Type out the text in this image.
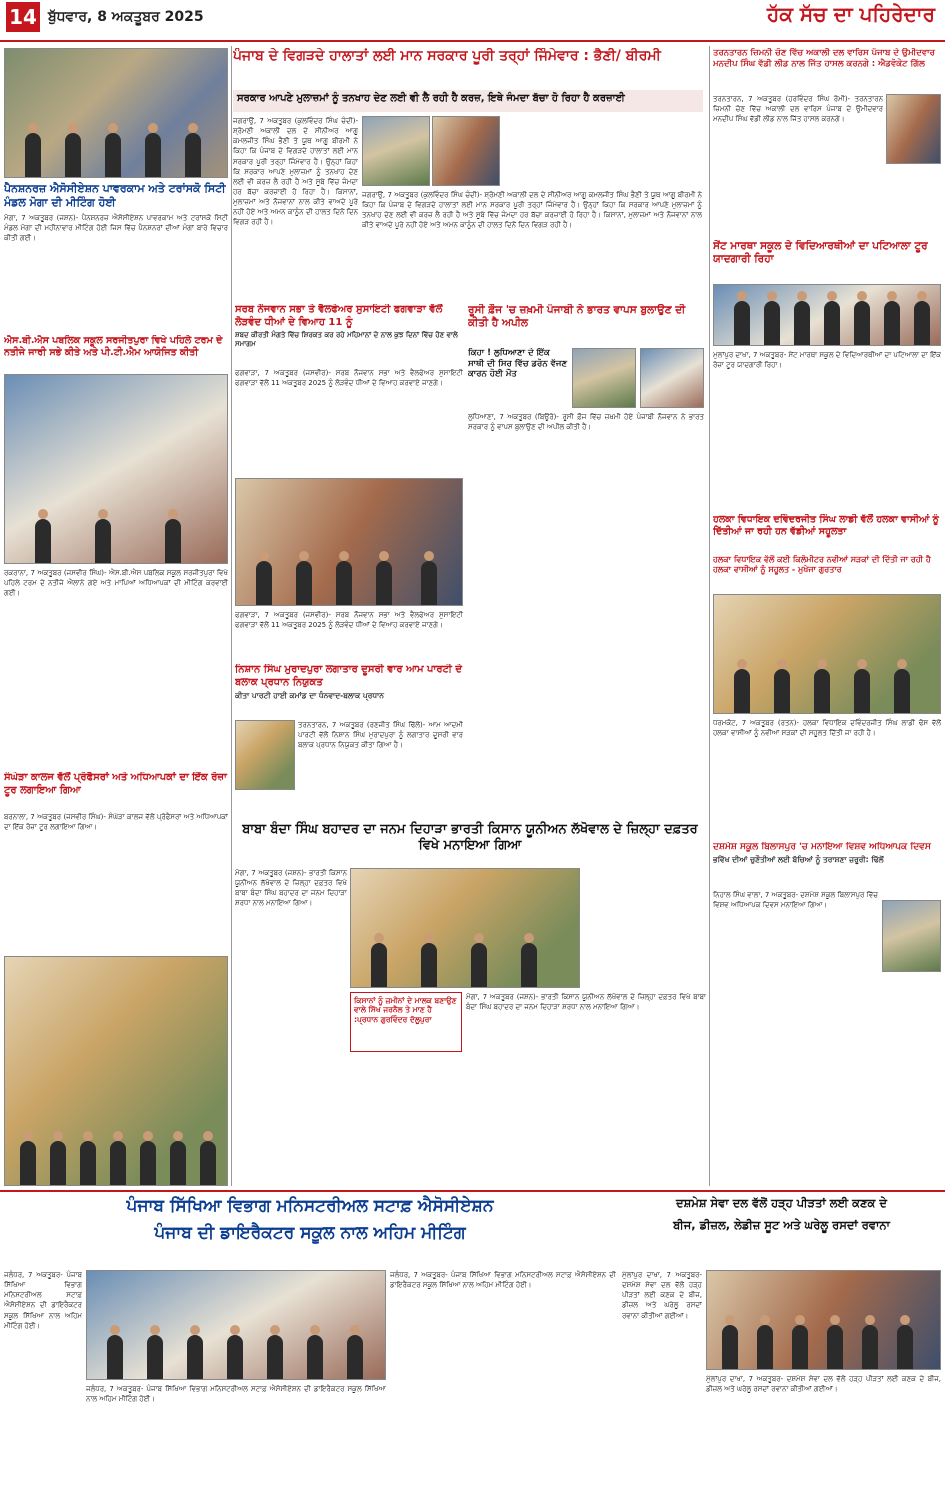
14 ਬੁੱਧਵਾਰ, 8 ਅਕਤੂਬਰ 2025	ਹੱਕ ਸੱਚ ਦਾ ਪਹਿਰੇਦਾਰ
ਪੰਜਾਬ ਦੇ ਵਿਗੜਦੇ ਹਾਲਾਤਾਂ ਲਈ ਮਾਨ ਸਰਕਾਰ ਪੂਰੀ ਤਰ੍ਹਾਂ ਜਿੰਮੇਵਾਰ : ਭੈਣੀ/ ਬੀਰਮੀ
ਸਰਕਾਰ ਆਪਣੇ ਮੁਲਾਜ਼ਮਾਂ ਨੂੰ ਤਨਖਾਹ ਦੇਣ ਲਈ ਵੀ ਲੈ ਰਹੀ ਹੈ ਕਰਜ਼, ਇਥੇ ਜੰਮਦਾ ਬੱਚਾ ਹੋ ਰਿਹਾ ਹੈ ਕਰਜ਼ਾਈ
ਜਗਰਾਉਂ, 7 ਅਕਤੂਬਰ (ਕੁਲਵਿੰਦਰ ਸਿੰਘ ਚੰਦੀ)- ਸ਼੍ਰੋਮਣੀ ਅਕਾਲੀ ਦਲ ਦੇ ਸੀਨੀਅਰ ਆਗੂ ਕਮਲਜੀਤ ਸਿੰਘ ਭੈਣੀ ਤੇ ਯੂਥ ਆਗੂ ਬੀਰਮੀ ਨੇ ਕਿਹਾ ਕਿ ਪੰਜਾਬ ਦੇ ਵਿਗੜਦੇ ਹਾਲਾਤਾਂ ਲਈ ਮਾਨ ਸਰਕਾਰ ਪੂਰੀ ਤਰ੍ਹਾਂ ਜਿੰਮੇਵਾਰ ਹੈ। ਉਨ੍ਹਾਂ ਕਿਹਾ ਕਿ ਸਰਕਾਰ ਆਪਣੇ ਮੁਲਾਜ਼ਮਾਂ ਨੂੰ ਤਨਖਾਹ ਦੇਣ ਲਈ ਵੀ ਕਰਜ਼ ਲੈ ਰਹੀ ਹੈ ਅਤੇ ਸੂਬੇ ਵਿੱਚ ਜੰਮਦਾ ਹਰ ਬੱਚਾ ਕਰਜ਼ਾਈ ਹੋ ਰਿਹਾ ਹੈ। ਕਿਸਾਨਾਂ, ਮੁਲਾਜ਼ਮਾਂ ਅਤੇ ਨੌਜਵਾਨਾਂ ਨਾਲ ਕੀਤੇ ਵਾਅਦੇ ਪੂਰੇ ਨਹੀਂ ਹੋਏ ਅਤੇ ਅਮਨ ਕਾਨੂੰਨ ਦੀ ਹਾਲਤ ਦਿਨੋਂ ਦਿਨ ਵਿਗੜ ਰਹੀ ਹੈ।
ਜਗਰਾਉਂ, 7 ਅਕਤੂਬਰ (ਕੁਲਵਿੰਦਰ ਸਿੰਘ ਚੰਦੀ)- ਸ਼੍ਰੋਮਣੀ ਅਕਾਲੀ ਦਲ ਦੇ ਸੀਨੀਅਰ ਆਗੂ ਕਮਲਜੀਤ ਸਿੰਘ ਭੈਣੀ ਤੇ ਯੂਥ ਆਗੂ ਬੀਰਮੀ ਨੇ ਕਿਹਾ ਕਿ ਪੰਜਾਬ ਦੇ ਵਿਗੜਦੇ ਹਾਲਾਤਾਂ ਲਈ ਮਾਨ ਸਰਕਾਰ ਪੂਰੀ ਤਰ੍ਹਾਂ ਜਿੰਮੇਵਾਰ ਹੈ। ਉਨ੍ਹਾਂ ਕਿਹਾ ਕਿ ਸਰਕਾਰ ਆਪਣੇ ਮੁਲਾਜ਼ਮਾਂ ਨੂੰ ਤਨਖਾਹ ਦੇਣ ਲਈ ਵੀ ਕਰਜ਼ ਲੈ ਰਹੀ ਹੈ ਅਤੇ ਸੂਬੇ ਵਿੱਚ ਜੰਮਦਾ ਹਰ ਬੱਚਾ ਕਰਜ਼ਾਈ ਹੋ ਰਿਹਾ ਹੈ। ਕਿਸਾਨਾਂ, ਮੁਲਾਜ਼ਮਾਂ ਅਤੇ ਨੌਜਵਾਨਾਂ ਨਾਲ ਕੀਤੇ ਵਾਅਦੇ ਪੂਰੇ ਨਹੀਂ ਹੋਏ ਅਤੇ ਅਮਨ ਕਾਨੂੰਨ ਦੀ ਹਾਲਤ ਦਿਨੋਂ ਦਿਨ ਵਿਗੜ ਰਹੀ ਹੈ।
ਪੈਨਸ਼ਨਰਜ਼ ਐਸੋਸੀਏਸ਼ਨ ਪਾਵਰਕਾਮ ਅਤੇ ਟਰਾਂਸਕੋ ਸਿਟੀ ਮੰਡਲ ਮੋਗਾ ਦੀ ਮੀਟਿੰਗ ਹੋਈ
ਮੋਗਾ, 7 ਅਕਤੂਬਰ (ਜਸ਼ਨ)- ਪੈਨਸ਼ਨਰਜ਼ ਐਸੋਸੀਏਸ਼ਨ ਪਾਵਰਕਾਮ ਅਤੇ ਟਰਾਂਸਕੋ ਸਿਟੀ ਮੰਡਲ ਮੋਗਾ ਦੀ ਮਹੀਨਾਵਾਰ ਮੀਟਿੰਗ ਹੋਈ ਜਿਸ ਵਿੱਚ ਪੈਨਸ਼ਨਰਾਂ ਦੀਆਂ ਮੰਗਾਂ ਬਾਰੇ ਵਿਚਾਰ ਕੀਤੀ ਗਈ।
ਐਸ.ਬੀ.ਐਸ ਪਬਲਿਕ ਸਕੂਲ ਸਰਜੀਤਪੁਰਾ ਵਿਖੇ ਪਹਿਲੇ ਟਰਮ ਦੇ ਨਤੀਜੇ ਜਾਰੀ ਸਭੇ ਕੀਤੇ ਅਤੇ ਪੀ.ਟੀ.ਐਮ ਆਯੋਜਿਤ ਕੀਤੀ
ਰਕਰਾਨਾ, 7 ਅਕਤੂਬਰ (ਜਸਵੀਰ ਸਿੰਘ)- ਐਸ.ਬੀ.ਐਸ ਪਬਲਿਕ ਸਕੂਲ ਸਰਜੀਤਪੁਰਾ ਵਿਖੇ ਪਹਿਲੇ ਟਰਮ ਦੇ ਨਤੀਜੇ ਐਲਾਨੇ ਗਏ ਅਤੇ ਮਾਪਿਆਂ ਅਧਿਆਪਕਾਂ ਦੀ ਮੀਟਿੰਗ ਕਰਵਾਈ ਗਈ।
ਸੰਘੇੜਾ ਕਾਲਜ ਵੱਲੋਂ ਪ੍ਰੋਫੈਸਰਾਂ ਅਤੇ ਅਧਿਆਪਕਾਂ ਦਾ ਇੱਕ ਰੋਜ਼ਾ ਟੂਰ ਲਗਾਇਆ ਗਿਆ
ਬਰਨਾਲਾ, 7 ਅਕਤੂਬਰ (ਜਸਵੀਰ ਸਿੰਘ)- ਸੰਘੇੜਾ ਕਾਲਜ ਵੱਲੋਂ ਪ੍ਰੋਫੈਸਰਾਂ ਅਤੇ ਅਧਿਆਪਕਾਂ ਦਾ ਇੱਕ ਰੋਜ਼ਾ ਟੂਰ ਲਗਾਇਆ ਗਿਆ।
ਸਰਬ ਨੌਜਵਾਨ ਸਭਾ ਤੇ ਵੈਲਫੇਅਰ ਸੁਸਾਇਟੀ ਫਗਵਾੜਾ ਵੱਲੋਂ ਲੋੜਵੰਦ ਧੀਆਂ ਦੇ ਵਿਆਹ 11 ਨੂੰ
ਸ਼ਬਦ ਕੀਰਤੀ ਮੰਗਤੇ ਵਿੱਚ ਸ਼ਿਰਕਤ ਕਰ ਰਹੇ ਮਹਿਮਾਨਾਂ ਦੇ ਨਾਲ ਕੁਝ ਦਿਨਾਂ ਵਿੱਚ ਹੋਣ ਵਾਲੇ ਸਮਾਗਮ
ਫਗਵਾੜਾ, 7 ਅਕਤੂਬਰ (ਜਸਵੀਰ)- ਸਰਬ ਨੌਜਵਾਨ ਸਭਾ ਅਤੇ ਵੈਲਫੇਅਰ ਸੁਸਾਇਟੀ ਫਗਵਾੜਾ ਵੱਲੋਂ 11 ਅਕਤੂਬਰ 2025 ਨੂੰ ਲੋੜਵੰਦ ਧੀਆਂ ਦੇ ਵਿਆਹ ਕਰਵਾਏ ਜਾਣਗੇ।
ਫਗਵਾੜਾ, 7 ਅਕਤੂਬਰ (ਜਸਵੀਰ)- ਸਰਬ ਨੌਜਵਾਨ ਸਭਾ ਅਤੇ ਵੈਲਫੇਅਰ ਸੁਸਾਇਟੀ ਫਗਵਾੜਾ ਵੱਲੋਂ 11 ਅਕਤੂਬਰ 2025 ਨੂੰ ਲੋੜਵੰਦ ਧੀਆਂ ਦੇ ਵਿਆਹ ਕਰਵਾਏ ਜਾਣਗੇ।
ਰੂਸੀ ਫ਼ੌਜ 'ਚ ਜ਼ਖ਼ਮੀ ਪੰਜਾਬੀ ਨੇ ਭਾਰਤ ਵਾਪਸ ਬੁਲਾਉਣ ਦੀ ਕੀਤੀ ਹੈ ਅਪੀਲ
ਕਿਹਾ ! ਲੁਧਿਆਣਾ ਦੇ ਇੱਕ ਸਾਥੀ ਦੀ ਸਿਰ ਵਿੱਚ ਡਰੋਨ ਵੱਜਣ ਕਾਰਨ ਹੋਈ ਮੌਤ
ਲੁਧਿਆਣਾ, 7 ਅਕਤੂਬਰ (ਬਿਊਰੋ)- ਰੂਸੀ ਫ਼ੌਜ ਵਿੱਚ ਜ਼ਖ਼ਮੀ ਹੋਏ ਪੰਜਾਬੀ ਨੌਜਵਾਨ ਨੇ ਭਾਰਤ ਸਰਕਾਰ ਨੂੰ ਵਾਪਸ ਬੁਲਾਉਣ ਦੀ ਅਪੀਲ ਕੀਤੀ ਹੈ।
ਨਿਸ਼ਾਨ ਸਿੰਘ ਮੁਰਾਦਪੁਰਾ ਲਗਾਤਾਰ ਦੂਸਰੀ ਵਾਰ ਆਮ ਪਾਰਟੀ ਦੇ ਬਲਾਕ ਪ੍ਰਧਾਨ ਨਿਯੁਕਤ
ਕੀਤਾ ਪਾਰਟੀ ਹਾਈ ਕਮਾਂਡ ਦਾ ਧੰਨਵਾਦ-ਬਲਾਕ ਪ੍ਰਧਾਨ
ਤਰਨਤਾਰਨ, 7 ਅਕਤੂਬਰ (ਰਣਜੀਤ ਸਿੰਘ ਢਿੱਲੋਂ)- ਆਮ ਆਦਮੀ ਪਾਰਟੀ ਵੱਲੋਂ ਨਿਸ਼ਾਨ ਸਿੰਘ ਮੁਰਾਦਪੁਰਾ ਨੂੰ ਲਗਾਤਾਰ ਦੂਸਰੀ ਵਾਰ ਬਲਾਕ ਪ੍ਰਧਾਨ ਨਿਯੁਕਤ ਕੀਤਾ ਗਿਆ ਹੈ।
ਬਾਬਾ ਬੰਦਾ ਸਿੰਘ ਬਹਾਦਰ ਦਾ ਜਨਮ ਦਿਹਾੜਾ ਭਾਰਤੀ ਕਿਸਾਨ ਯੂਨੀਅਨ ਲੱਖੋਵਾਲ ਦੇ ਜ਼ਿਲ੍ਹਾ ਦਫ਼ਤਰ ਵਿਖੇ ਮਨਾਇਆ ਗਿਆ
ਮੋਗਾ, 7 ਅਕਤੂਬਰ (ਜਸ਼ਨ)- ਭਾਰਤੀ ਕਿਸਾਨ ਯੂਨੀਅਨ ਲੱਖੋਵਾਲ ਦੇ ਜ਼ਿਲ੍ਹਾ ਦਫ਼ਤਰ ਵਿਖੇ ਬਾਬਾ ਬੰਦਾ ਸਿੰਘ ਬਹਾਦਰ ਦਾ ਜਨਮ ਦਿਹਾੜਾ ਸ਼ਰਧਾ ਨਾਲ ਮਨਾਇਆ ਗਿਆ।
ਕਿਸਾਨਾਂ ਨੂੰ ਜ਼ਮੀਨਾਂ ਦੇ ਮਾਲਕ ਬਣਾਉਣ ਵਾਲੇ ਸਿੱਖ ਜਰਨੈਲ ਤੇ ਮਾਣ ਹੈ :ਪ੍ਰਧਾਨ ਗੁਰਵਿੰਦਰ ਦੱਲੂਪੁਰਾ
ਮੋਗਾ, 7 ਅਕਤੂਬਰ (ਜਸ਼ਨ)- ਭਾਰਤੀ ਕਿਸਾਨ ਯੂਨੀਅਨ ਲੱਖੋਵਾਲ ਦੇ ਜ਼ਿਲ੍ਹਾ ਦਫ਼ਤਰ ਵਿਖੇ ਬਾਬਾ ਬੰਦਾ ਸਿੰਘ ਬਹਾਦਰ ਦਾ ਜਨਮ ਦਿਹਾੜਾ ਸ਼ਰਧਾ ਨਾਲ ਮਨਾਇਆ ਗਿਆ।
ਤਰਨਤਾਰਨ ਜ਼ਿਮਨੀ ਚੋਣ ਵਿੱਚ ਅਕਾਲੀ ਦਲ ਵਾਰਿਸ ਪੰਜਾਬ ਦੇ ਉਮੀਦਵਾਰ ਮਨਦੀਪ ਸਿੰਘ ਵੱਡੀ ਲੀਡ ਨਾਲ ਜਿੱਤ ਹਾਸਲ ਕਰਨਗੇ : ਐਡਵੋਕੇਟ ਗਿੱਲ
ਤਰਨਤਾਰਨ, 7 ਅਕਤੂਬਰ (ਹਰਵਿੰਦਰ ਸਿੰਘ ਰੋਮੀ)- ਤਰਨਤਾਰਨ ਜ਼ਿਮਨੀ ਚੋਣ ਵਿੱਚ ਅਕਾਲੀ ਦਲ ਵਾਰਿਸ ਪੰਜਾਬ ਦੇ ਉਮੀਦਵਾਰ ਮਨਦੀਪ ਸਿੰਘ ਵੱਡੀ ਲੀਡ ਨਾਲ ਜਿੱਤ ਹਾਸਲ ਕਰਨਗੇ।
ਸੇਂਟ ਮਾਰਥਾ ਸਕੂਲ ਦੇ ਵਿਦਿਆਰਥੀਆਂ ਦਾ ਪਟਿਆਲਾ ਟੂਰ ਯਾਦਗਾਰੀ ਰਿਹਾ
ਮੁਲਾਂਪੁਰ ਦਾਖਾ, 7 ਅਕਤੂਬਰ- ਸੇਂਟ ਮਾਰਥਾ ਸਕੂਲ ਦੇ ਵਿਦਿਆਰਥੀਆਂ ਦਾ ਪਟਿਆਲਾ ਦਾ ਇੱਕ ਰੋਜ਼ਾ ਟੂਰ ਯਾਦਗਾਰੀ ਰਿਹਾ।
ਹਲਕਾ ਵਿਧਾਇਕ ਦਵਿੰਦਰਜੀਤ ਸਿੰਘ ਲਾਡੀ ਵੱਲੋਂ ਹਲਕਾ ਵਾਸੀਆਂ ਨੂੰ ਦਿੱਤੀਆਂ ਜਾ ਰਹੀ ਹਨ ਵੱਡੀਆਂ ਸਹੂਲਤਾ
ਹਲਕਾ ਵਿਧਾਇਕ ਵੱਲੋਂ ਕਈ ਕਿਲੋਮੀਟਰ ਨਵੀਆਂ ਸੜਕਾਂ ਦੀ ਦਿੱਤੀ ਜਾ ਰਹੀ ਹੈ ਹਲਕਾ ਵਾਸੀਆਂ ਨੂੰ ਸਹੂਲਤ - ਮੁਖੇਜਾ ਗੁਰਤਾਰ
ਧਰਮਕੋਟ, 7 ਅਕਤੂਬਰ (ਰਤਨ)- ਹਲਕਾ ਵਿਧਾਇਕ ਦਵਿੰਦਰਜੀਤ ਸਿੰਘ ਲਾਡੀ ਢੋਸ ਵੱਲੋਂ ਹਲਕਾ ਵਾਸੀਆਂ ਨੂੰ ਨਵੀਆਂ ਸੜਕਾਂ ਦੀ ਸਹੂਲਤ ਦਿੱਤੀ ਜਾ ਰਹੀ ਹੈ।
ਦਸ਼ਮੇਸ਼ ਸਕੂਲ ਬਿਲਾਸਪੁਰ 'ਚ ਮਨਾਇਆ ਵਿਸ਼ਵ ਅਧਿਆਪਕ ਦਿਵਸ
ਭਵਿੱਖ ਦੀਆਂ ਚੁਣੌਤੀਆਂ ਲਈ ਬੱਚਿਆਂ ਨੂੰ ਤਰਾਸ਼ਣਾ ਜ਼ਰੂਰੀ: ਢਿੱਲੋਂ
ਨਿਹਾਲ ਸਿੰਘ ਵਾਲਾ, 7 ਅਕਤੂਬਰ- ਦਸ਼ਮੇਸ਼ ਸਕੂਲ ਬਿਲਾਸਪੁਰ ਵਿੱਚ ਵਿਸ਼ਵ ਅਧਿਆਪਕ ਦਿਵਸ ਮਨਾਇਆ ਗਿਆ।
ਪੰਜਾਬ ਸਿੱਖਿਆ ਵਿਭਾਗ ਮਨਿਸਟਰੀਅਲ ਸਟਾਫ਼ ਐਸੋਸੀਏਸ਼ਨ
ਪੰਜਾਬ ਦੀ ਡਾਇਰੈਕਟਰ ਸਕੂਲ ਨਾਲ ਅਹਿਮ ਮੀਟਿੰਗ
ਦਸ਼ਮੇਸ਼ ਸੇਵਾ ਦਲ ਵੱਲੋਂ ਹੜ੍ਹ ਪੀੜਤਾਂ ਲਈ ਕਣਕ ਦੇ
ਬੀਜ, ਡੀਜ਼ਲ, ਲੇਡੀਜ਼ ਸੂਟ ਅਤੇ ਘਰੇਲੂ ਰਸਦਾਂ ਰਵਾਨਾ
ਜਲੰਧਰ, 7 ਅਕਤੂਬਰ- ਪੰਜਾਬ ਸਿੱਖਿਆ ਵਿਭਾਗ ਮਨਿਸਟਰੀਅਲ ਸਟਾਫ਼ ਐਸੋਸੀਏਸ਼ਨ ਦੀ ਡਾਇਰੈਕਟਰ ਸਕੂਲ ਸਿੱਖਿਆ ਨਾਲ ਅਹਿਮ ਮੀਟਿੰਗ ਹੋਈ।
ਜਲੰਧਰ, 7 ਅਕਤੂਬਰ- ਪੰਜਾਬ ਸਿੱਖਿਆ ਵਿਭਾਗ ਮਨਿਸਟਰੀਅਲ ਸਟਾਫ਼ ਐਸੋਸੀਏਸ਼ਨ ਦੀ ਡਾਇਰੈਕਟਰ ਸਕੂਲ ਸਿੱਖਿਆ ਨਾਲ ਅਹਿਮ ਮੀਟਿੰਗ ਹੋਈ।
ਜਲੰਧਰ, 7 ਅਕਤੂਬਰ- ਪੰਜਾਬ ਸਿੱਖਿਆ ਵਿਭਾਗ ਮਨਿਸਟਰੀਅਲ ਸਟਾਫ਼ ਐਸੋਸੀਏਸ਼ਨ ਦੀ ਡਾਇਰੈਕਟਰ ਸਕੂਲ ਸਿੱਖਿਆ ਨਾਲ ਅਹਿਮ ਮੀਟਿੰਗ ਹੋਈ।
ਮੁੱਲਾਂਪੁਰ ਦਾਖਾ, 7 ਅਕਤੂਬਰ- ਦਸ਼ਮੇਸ਼ ਸੇਵਾ ਦਲ ਵੱਲੋਂ ਹੜ੍ਹ ਪੀੜਤਾਂ ਲਈ ਕਣਕ ਦੇ ਬੀਜ, ਡੀਜ਼ਲ ਅਤੇ ਘਰੇਲੂ ਰਸਦਾਂ ਰਵਾਨਾ ਕੀਤੀਆਂ ਗਈਆਂ।
ਮੁੱਲਾਂਪੁਰ ਦਾਖਾ, 7 ਅਕਤੂਬਰ- ਦਸ਼ਮੇਸ਼ ਸੇਵਾ ਦਲ ਵੱਲੋਂ ਹੜ੍ਹ ਪੀੜਤਾਂ ਲਈ ਕਣਕ ਦੇ ਬੀਜ, ਡੀਜ਼ਲ ਅਤੇ ਘਰੇਲੂ ਰਸਦਾਂ ਰਵਾਨਾ ਕੀਤੀਆਂ ਗਈਆਂ।
